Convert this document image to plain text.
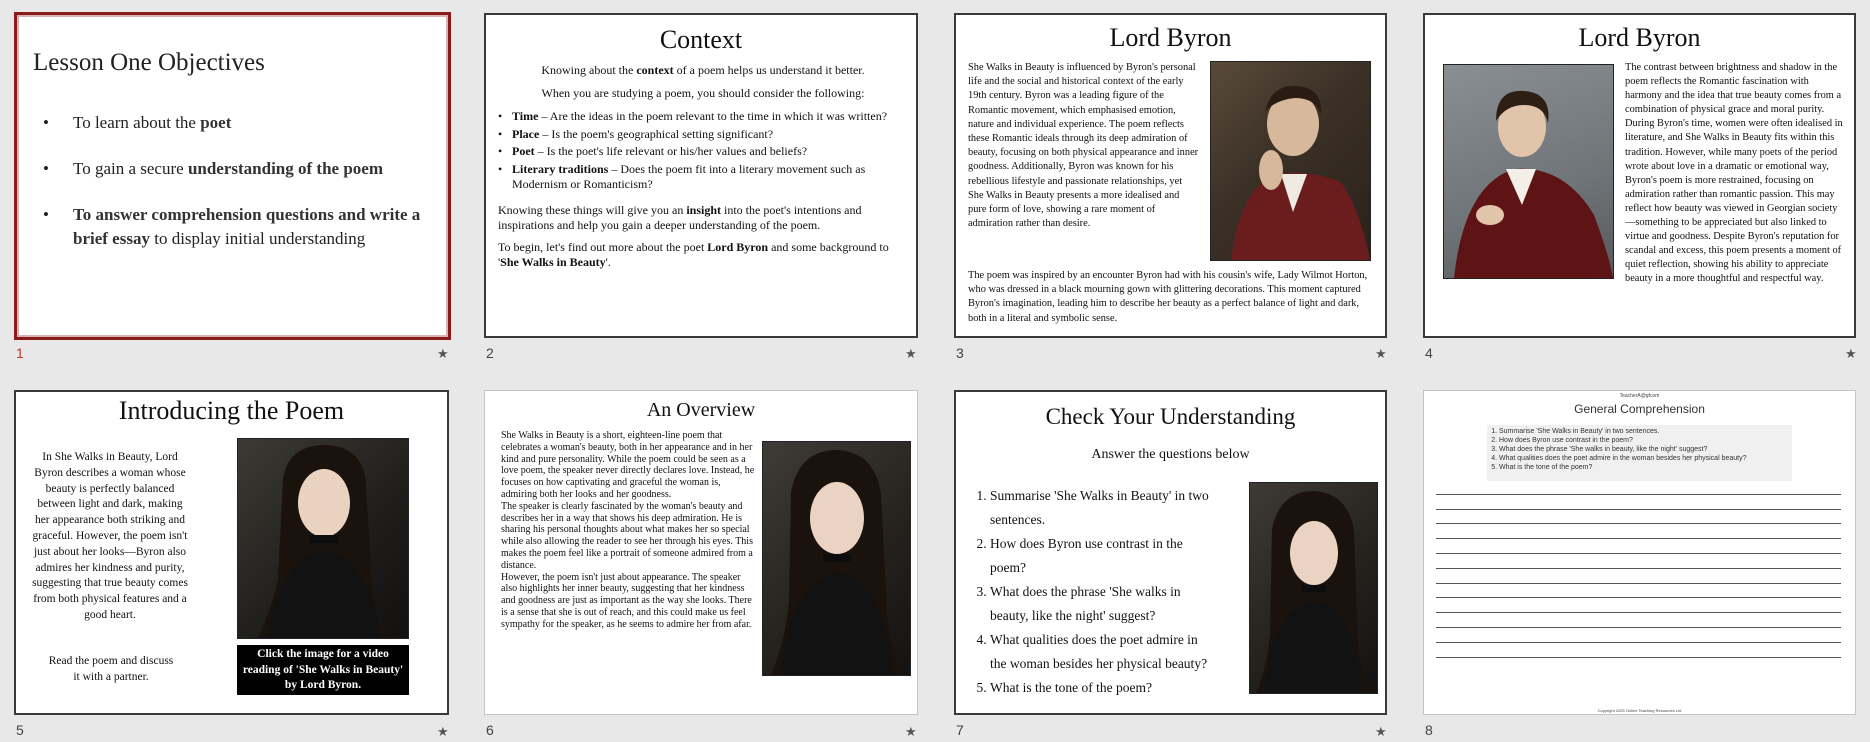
Lesson One Objectives
• To learn about the poet
• To gain a secure understanding of the poem
• To answer comprehension questions and write a brief essay to display initial understanding
1	★
Context

Knowing about the context of a poem helps us understand it better.

When you are studying a poem, you should consider the following:

• Time – Are the ideas in the poem relevant to the time in which it was written?
• Place – Is the poem's geographical setting significant?
• Poet – Is the poet's life relevant or his/her values and beliefs?
• Literary traditions – Does the poem fit into a literary movement such as Modernism or Romanticism?

Knowing these things will give you an insight into the poet's intentions and inspirations and help you gain a deeper understanding of the poem.

To begin, let's find out more about the poet Lord Byron and some background to 'She Walks in Beauty'.

2	★
Lord Byron
She Walks in Beauty is influenced by Byron's personal life and the social and historical context of the early 19th century. Byron was a leading figure of the Romantic movement, which emphasised emotion, nature and individual experience. The poem reflects these Romantic ideals through its deep admiration of beauty, focusing on both physical appearance and inner goodness. Additionally, Byron was known for his rebellious lifestyle and passionate relationships, yet She Walks in Beauty presents a more idealised and pure form of love, showing a rare moment of admiration rather than desire.
The poem was inspired by an encounter Byron had with his cousin's wife, Lady Wilmot Horton, who was dressed in a black mourning gown with glittering decorations. This moment captured Byron's imagination, leading him to describe her beauty as a perfect balance of light and dark, both in a literal and symbolic sense.
3	★
Lord Byron

The contrast between brightness and shadow in the poem reflects the Romantic fascination with harmony and the idea that true beauty comes from a combination of physical grace and moral purity.

During Byron's time, women were often idealised in literature, and She Walks in Beauty fits within this tradition. However, while many poets of the period wrote about love in a dramatic or emotional way, Byron's poem is more restrained, focusing on admiration rather than romantic passion. This may reflect how beauty was viewed in Georgian society—something to be appreciated but also linked to virtue and goodness. Despite Byron's reputation for scandal and excess, this poem presents a moment of quiet reflection, showing his ability to appreciate beauty in a more thoughtful and respectful way.

4	★
Introducing the Poem
In She Walks in Beauty, Lord Byron describes a woman whose beauty is perfectly balanced between light and dark, making her appearance both striking and graceful. However, the poem isn't just about her looks—Byron also admires her kindness and purity, suggesting that true beauty comes from both physical features and a good heart.
Read the poem and discuss it with a partner.
Click the image for a video reading of 'She Walks in Beauty' by Lord Byron.
5	★
An Overview

She Walks in Beauty is a short, eighteen-line poem that celebrates a woman's beauty, both in her appearance and in her kind and pure personality. While the poem could be seen as a love poem, the speaker never directly declares love. Instead, he focuses on how captivating and graceful the woman is, admiring both her looks and her goodness.

The speaker is clearly fascinated by the woman's beauty and describes her in a way that shows his deep admiration. He is sharing his personal thoughts about what makes her so special while also allowing the reader to see her through his eyes. This makes the poem feel like a portrait of someone admired from a distance.

However, the poem isn't just about appearance. The speaker also highlights her inner beauty, suggesting that her kindness and goodness are just as important as the way she looks. There is a sense that she is out of reach, and this could make us feel sympathy for the speaker, as he seems to admire her from afar.

6	★
Check Your Understanding
Answer the questions below
1. Summarise 'She Walks in Beauty' in two sentences.
2. How does Byron use contrast in the poem?
3. What does the phrase 'She walks in beauty, like the night' suggest?
4. What qualities does the poet admire in the woman besides her physical beauty?
5. What is the tone of the poem?
7	★
TeacherA@gfcom
General Comprehension
1. Summarise 'She Walks in Beauty' in two sentences.
2. How does Byron use contrast in the poem?
3. What does the phrase 'She walks in beauty, like the night' suggest?
4. What qualities does the poet admire in the woman besides her physical beauty?
5. What is the tone of the poem?
Copyright 2025 Online Teaching Resources Ltd
8
